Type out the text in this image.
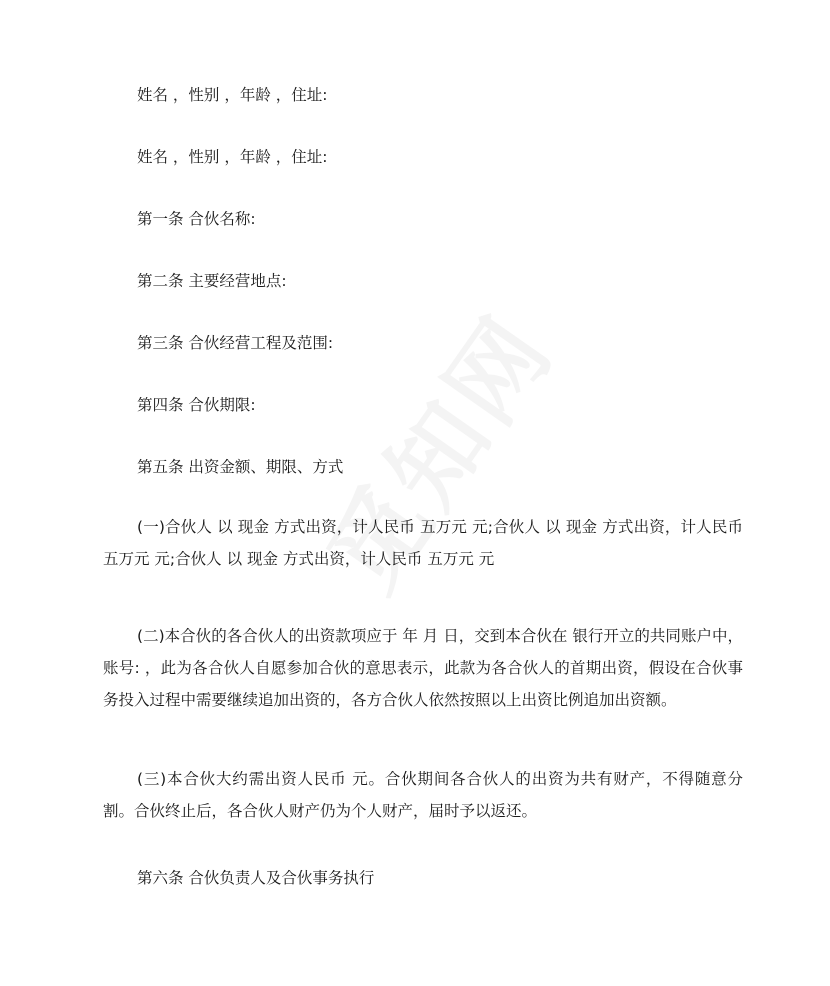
姓名 ，性别 ，年龄 ，住址:
姓名 ，性别 ，年龄 ，住址:
第一条 合伙名称:
第二条 主要经营地点:
第三条 合伙经营工程及范围:
第四条 合伙期限:
第五条 出资金额、期限、方式
(一)合伙人 以 现金 方式出资，计人民币 五万元 元;合伙人 以 现金 方式出资，计人民币 五万元 元;合伙人 以 现金 方式出资，计人民币 五万元 元
(二)本合伙的各合伙人的出资款项应于 年 月 日，交到本合伙在 银行开立的共同账户中，账号: ，此为各合伙人自愿参加合伙的意思表示，此款为各合伙人的首期出资，假设在合伙事务投入过程中需要继续追加出资的，各方合伙人依然按照以上出资比例追加出资额。
(三)本合伙大约需出资人民币 元。合伙期间各合伙人的出资为共有财产，不得随意分割。合伙终止后，各合伙人财产仍为个人财产，届时予以返还。
第六条 合伙负责人及合伙事务执行
